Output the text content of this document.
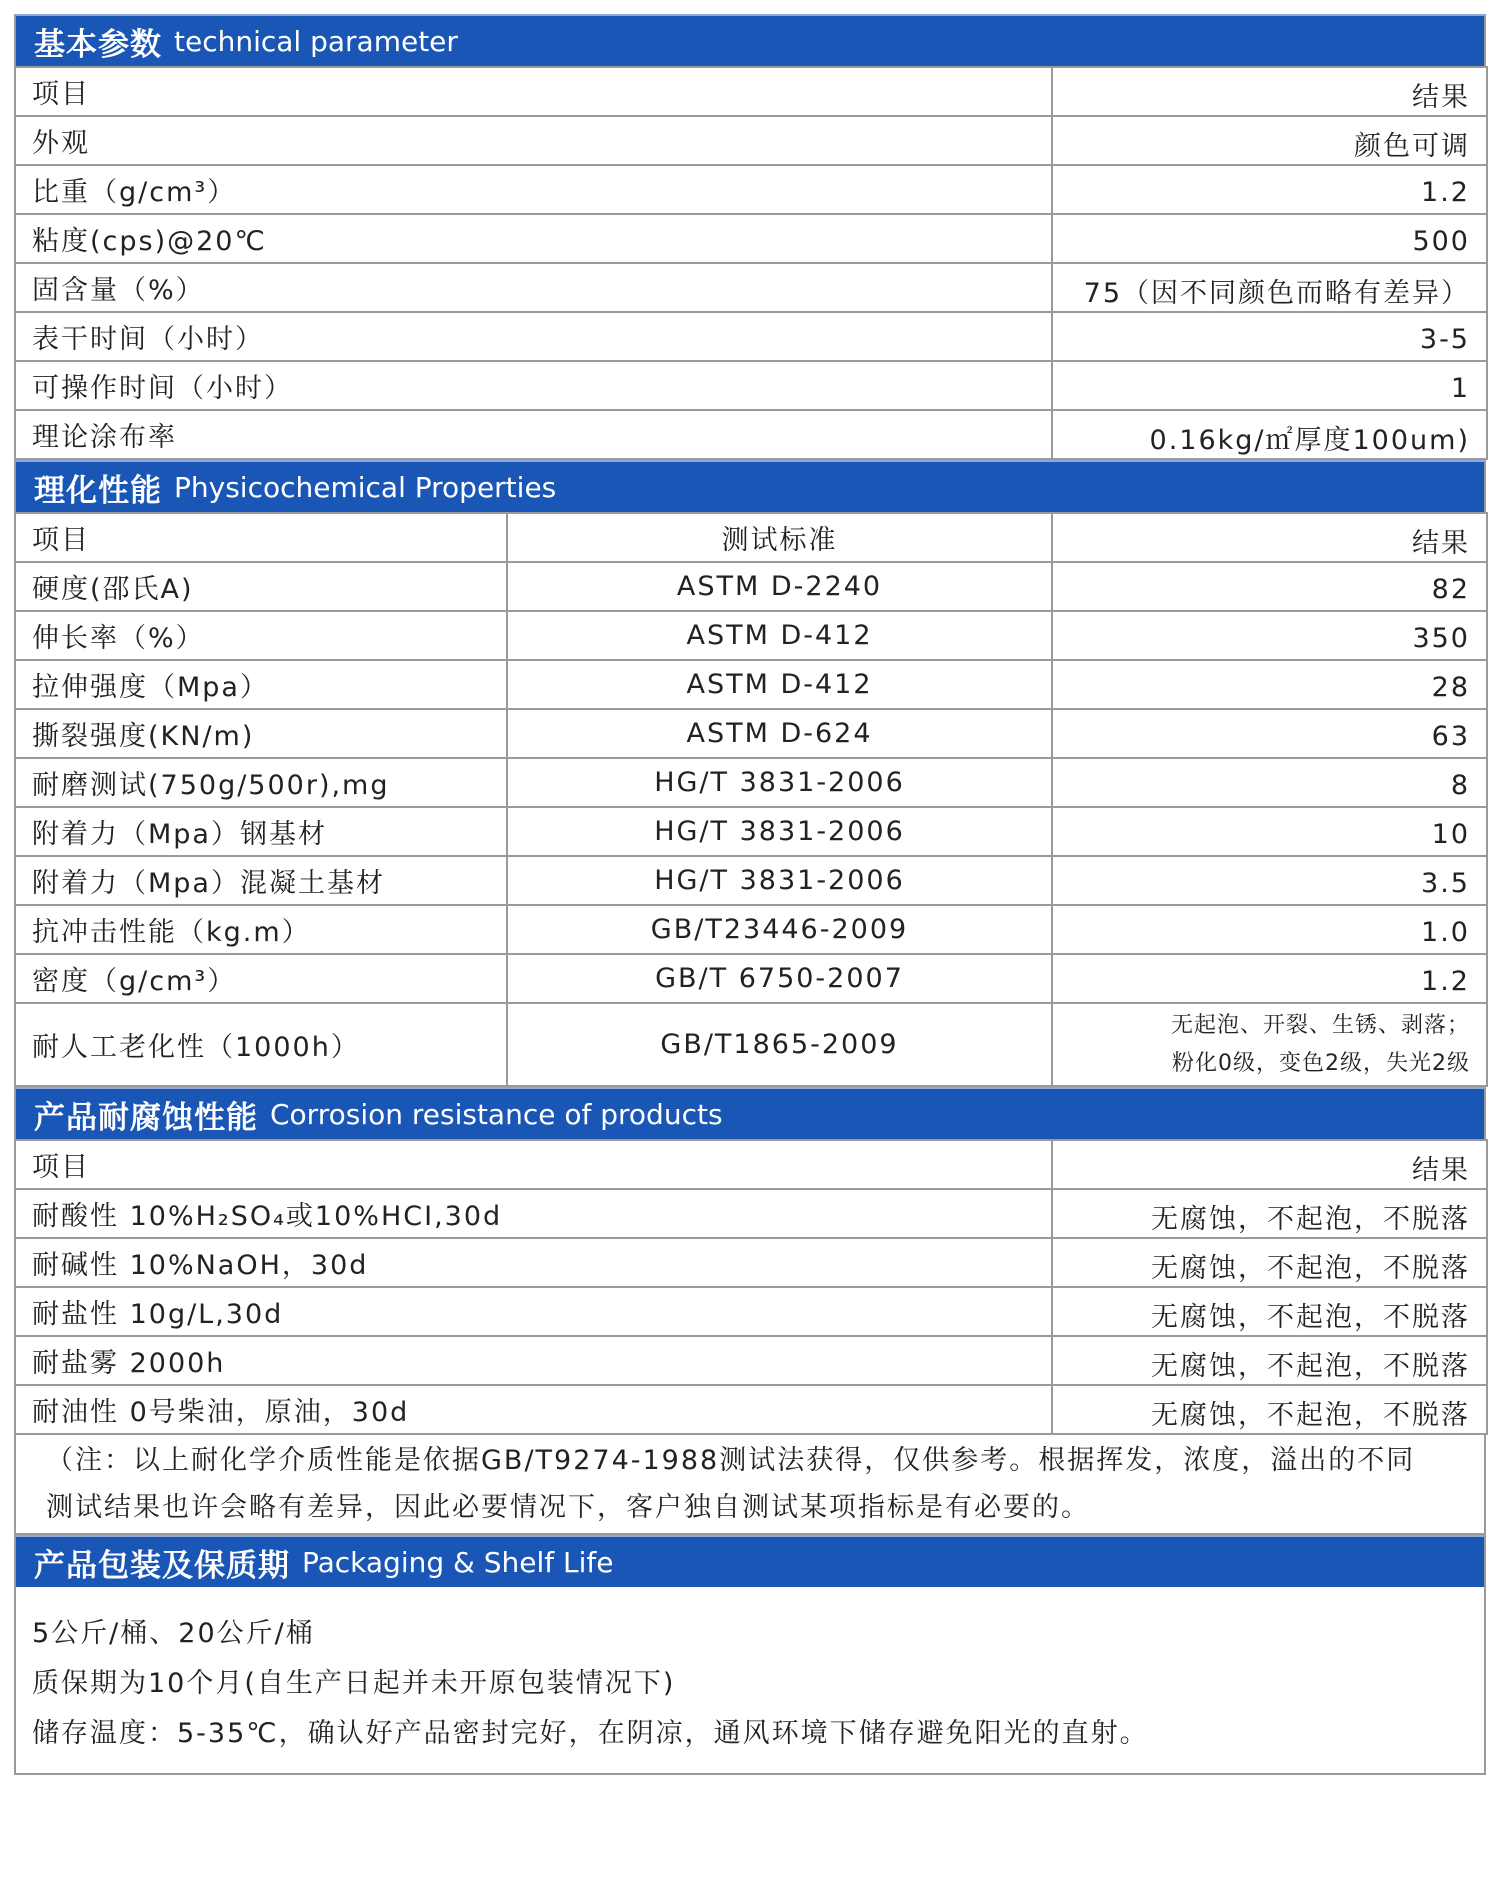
基本参数 technical parameter
项目	结果
外观	颜色可调
比重（g/cm³）	1.2
粘度(cps)@20℃	500
固含量（%）	75（因不同颜色而略有差异）
表干时间（小时）	3-5
可操作时间（小时）	1
理论涂布率	0.16kg/㎡厚度100um)
理化性能 Physicochemical Properties
项目	测试标准	结果
硬度(邵氏A)	ASTM D-2240	82
伸长率（%）	ASTM D-412	350
拉伸强度（Mpa）	ASTM D-412	28
撕裂强度(KN/m)	ASTM D-624	63
耐磨测试(750g/500r),mg	HG/T 3831-2006	8
附着力（Mpa）钢基材	HG/T 3831-2006	10
附着力（Mpa）混凝土基材	HG/T 3831-2006	3.5
抗冲击性能（kg.m）	GB/T23446-2009	1.0
密度（g/cm³）	GB/T 6750-2007	1.2
耐人工老化性（1000h）	GB/T1865-2009	无起泡、开裂、生锈、剥落；
粉化0级，变色2级，失光2级
产品耐腐蚀性能 Corrosion resistance of products
项目	结果
耐酸性 10%H₂SO₄或10%HCI,30d	无腐蚀，不起泡，不脱落
耐碱性 10%NaOH，30d	无腐蚀，不起泡，不脱落
耐盐性 10g/L,30d	无腐蚀，不起泡，不脱落
耐盐雾 2000h	无腐蚀，不起泡，不脱落
耐油性 0号柴油，原油，30d	无腐蚀，不起泡，不脱落

（注：以上耐化学介质性能是依据GB/T9274-1988测试法获得，仅供参考。根据挥发，浓度，溢出的不同

测试结果也许会略有差异，因此必要情况下，客户独自测试某项指标是有必要的。

产品包装及保质期 Packaging & Shelf Life

5公斤/桶、20公斤/桶

质保期为10个月(自生产日起并未开原包装情况下)

储存温度：5-35℃，确认好产品密封完好，在阴凉，通风环境下储存避免阳光的直射。
